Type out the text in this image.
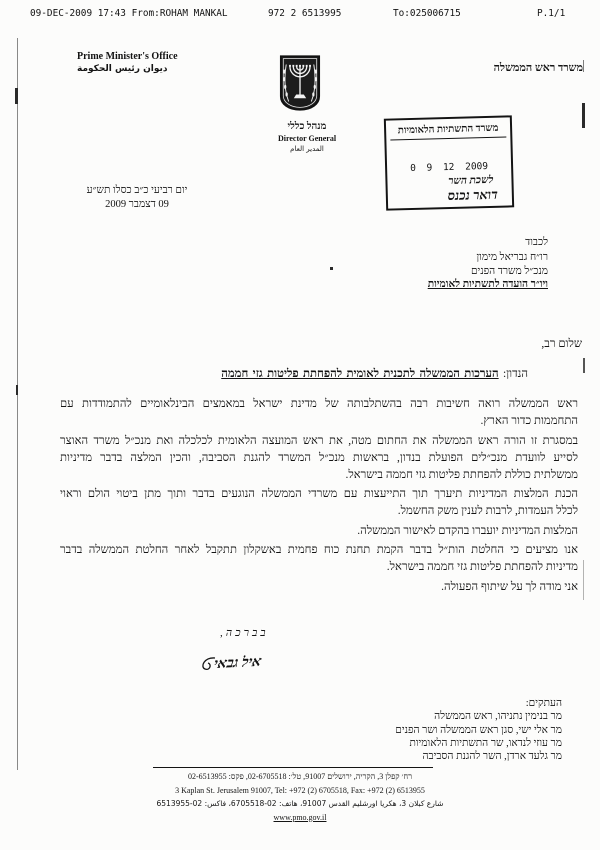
09-DEC-2009 17:43 From:ROHAM MANKAL	972 2 6513995	To:025006715	P.1/1
Prime Minister's Office
ديوان رئيس الحكومة	משרד ראש הממשלה
מנהל כללי
Director General
المدير العام
משרד התשתיות הלאומיות
0 9 12 2009
לשכת השר
דואר נכנס
יום רביעי כ״ב כסלו תש״ע
09 דצמבר 2009
לכבוד
רו״ח גבריאל מימון
מנכ״ל משרד הפנים
ויו״ר הועדה לתשתיות לאומיות
שלום רב,
הנדון: הערכות הממשלה לתכנית לאומית להפחתת פליטות גזי חממה
ראש הממשלה רואה חשיבות רבה בהשתלבותה של מדינת ישראל במאמצים הבינלאומיים להתמודדות עם
התחממות כדור הארץ.
במסגרת זו הורה ראש הממשלה את החתום מטה, את ראש המועצה הלאומית לכלכלה ואת מנכ״ל משרד האוצר
לסייע לוועדת מנכ״לים הפועלת בנדון, בראשות מנכ״ל המשרד להגנת הסביבה, והכין המלצה בדבר מדיניות
ממשלתית כוללת להפחתת פליטות גזי חממה בישראל.
הכנת המלצות המדיניות תיערך תוך התייעצות עם משרדי הממשלה הנוגעים בדבר ותוך מתן ביטוי הולם וראוי
לכלל העמדות, לרבות לענין משק החשמל.
המלצות המדיניות יועברו בהקדם לאישור הממשלה.
אנו מציעים כי החלטת הות״ל בדבר הקמת תחנת כוח פחמית באשקלון תתקבל לאחר החלטת הממשלה בדבר
מדיניות להפחתת פליטות גזי חממה בישראל.
אני מודה לך על שיתוף הפעולה.
בברכה,
איל גבאי
העתקים:
מר בנימין נתניהו, ראש הממשלה
מר אלי ישי, סגן ראש הממשלה ושר הפנים
מר עוזי לנדאו, שר התשתיות הלאומיות
מר גלעד ארדן, השר להגנת הסביבה
רח׳ קפלן 3, הקריה, ירושלים 91007, טל׳: 02-6705518, פקס: 02-6513955
3 Kaplan St. Jerusalem 91007, Tel: +972 (2) 6705518, Fax: +972 (2) 6513955
شارع كبلان 3، هكريا اورشليم القدس 91007، هاتف: 02-6705518، فاكس: 02-6513955
www.pmo.gov.il
